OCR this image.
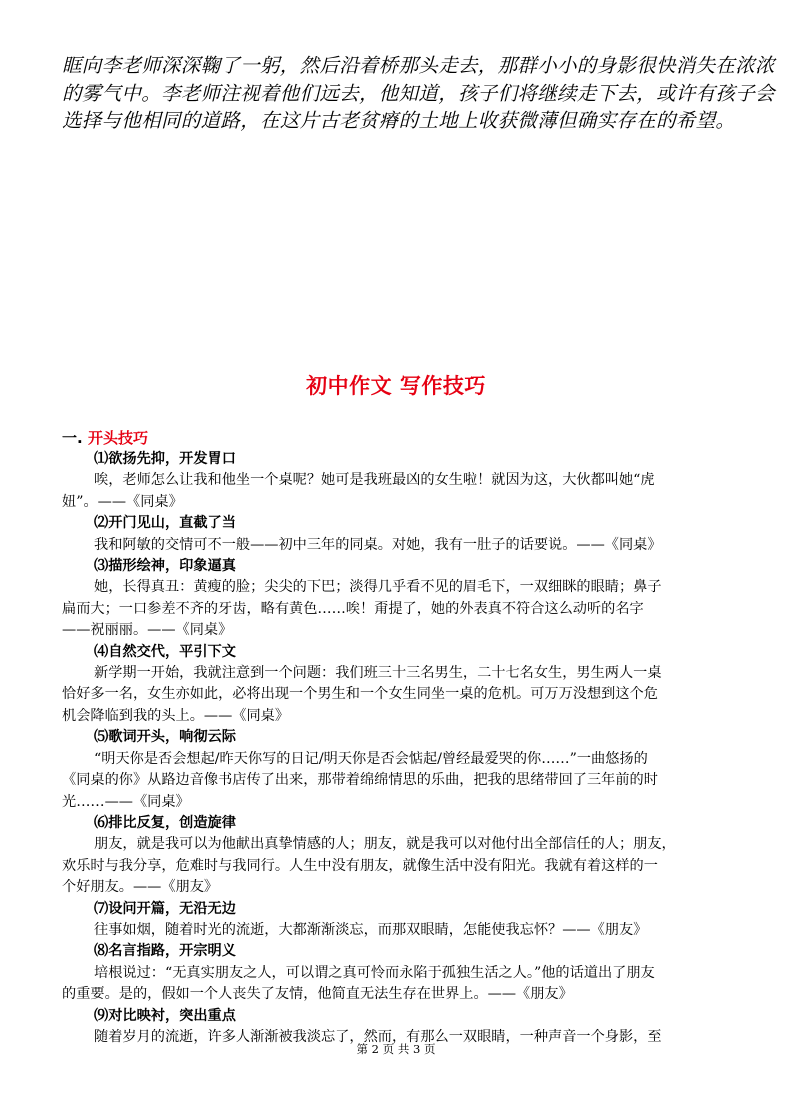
眶向李老师深深鞠了一躬，然后沿着桥那头走去，那群小小的身影很快消失在浓浓

的雾气中。李老师注视着他们远去，他知道，孩子们将继续走下去，或许有孩子会

选择与他相同的道路，在这片古老贫瘠的土地上收获微薄但确实存在的希望。

初中作文 写作技巧

一. 开头技巧

⑴欲扬先抑，开发胃口

唉，老师怎么让我和他坐一个桌呢？她可是我班最凶的女生啦！就因为这，大伙都叫她“虎
妞”。——《同桌》

⑵开门见山，直截了当

我和阿敏的交情可不一般——初中三年的同桌。对她，我有一肚子的话要说。——《同桌》

⑶描形绘神，印象逼真

她，长得真丑：黄瘦的脸；尖尖的下巴；淡得几乎看不见的眉毛下，一双细眯的眼睛；鼻子
扁而大；一口参差不齐的牙齿，略有黄色……唉！甭提了，她的外表真不符合这么动听的名字
——祝丽丽。——《同桌》

⑷自然交代，平引下文

新学期一开始，我就注意到一个问题：我们班三十三名男生，二十七名女生，男生两人一桌
恰好多一名，女生亦如此，必将出现一个男生和一个女生同坐一桌的危机。可万万没想到这个危
机会降临到我的头上。——《同桌》

⑸歌词开头，响彻云际

“明天你是否会想起/昨天你写的日记/明天你是否会惦起/曾经最爱哭的你……”一曲悠扬的
《同桌的你》从路边音像书店传了出来，那带着绵绵情思的乐曲，把我的思绪带回了三年前的时
光……——《同桌》

⑹排比反复，创造旋律

朋友，就是我可以为他献出真挚情感的人；朋友，就是我可以对他付出全部信任的人；朋友，
欢乐时与我分享，危难时与我同行。人生中没有朋友，就像生活中没有阳光。我就有着这样的一
个好朋友。——《朋友》

⑺设问开篇，无沿无边

往事如烟，随着时光的流逝，大都渐渐淡忘，而那双眼睛，怎能使我忘怀？——《朋友》

⑻名言指路，开宗明义

培根说过：“无真实朋友之人，可以谓之真可怜而永陷于孤独生活之人。”他的话道出了朋友
的重要。是的，假如一个人丧失了友情，他简直无法生存在世界上。——《朋友》

⑼对比映衬，突出重点

随着岁月的流逝，许多人渐渐被我淡忘了，然而，有那么一双眼睛，一种声音一个身影，至

第 2 页 共 3 页
